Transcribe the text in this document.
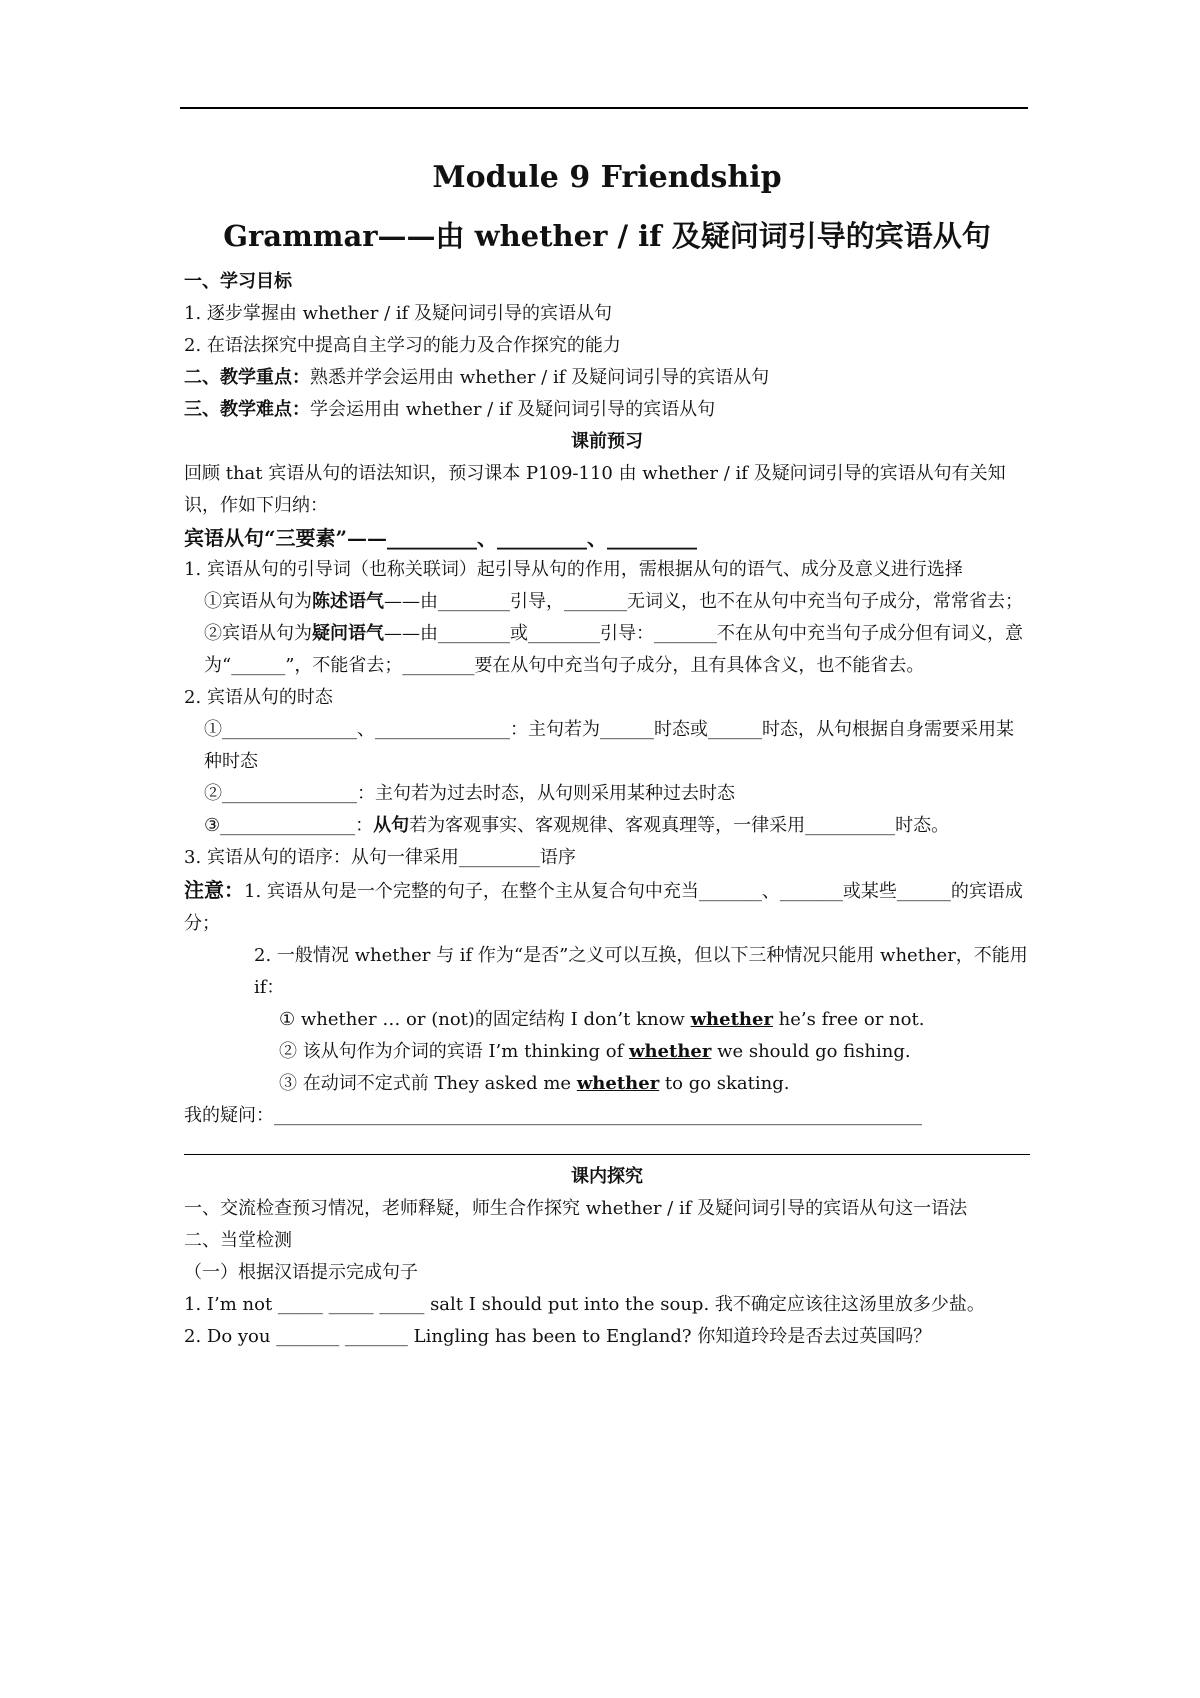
Module 9 Friendship
Grammar——由 whether / if 及疑问词引导的宾语从句

一、学习目标

1. 逐步掌握由 whether / if 及疑问词引导的宾语从句

2. 在语法探究中提高自主学习的能力及合作探究的能力

二、教学重点：熟悉并学会运用由 whether / if 及疑问词引导的宾语从句

三、教学难点：学会运用由 whether / if 及疑问词引导的宾语从句

课前预习

回顾 that 宾语从句的语法知识，预习课本 P109-110 由 whether / if 及疑问词引导的宾语从句有关知识，作如下归纳：

宾语从句“三要素”——_________、_________、_________

1. 宾语从句的引导词（也称关联词）起引导从句的作用，需根据从句的语气、成分及意义进行选择

①宾语从句为陈述语气——由________引导，_______无词义，也不在从句中充当句子成分，常常省去；

②宾语从句为疑问语气——由________或________引导：_______不在从句中充当句子成分但有词义，意为“______”，不能省去；________要在从句中充当句子成分，且有具体含义，也不能省去。

2. 宾语从句的时态

①_______________、_______________：主句若为______时态或______时态，从句根据自身需要采用某种时态

②_______________：主句若为过去时态，从句则采用某种过去时态

③_______________：从句若为客观事实、客观规律、客观真理等，一律采用__________时态。

3. 宾语从句的语序：从句一律采用_________语序

注意：1. 宾语从句是一个完整的句子，在整个主从复合句中充当_______、_______或某些______的宾语成分；

2. 一般情况 whether 与 if 作为“是否”之义可以互换，但以下三种情况只能用 whether，不能用 if：

① whether … or (not)的固定结构 I don’t know whether he’s free or not.

② 该从句作为介词的宾语 I’m thinking of whether we should go fishing.

③ 在动词不定式前 They asked me whether to go skating.

我的疑问：________________________________________________________________________

课内探究

一、交流检查预习情况，老师释疑，师生合作探究 whether / if 及疑问词引导的宾语从句这一语法

二、当堂检测

（一）根据汉语提示完成句子

1. I’m not _____ _____ _____ salt I should put into the soup. 我不确定应该往这汤里放多少盐。

2. Do you _______ _______ Lingling has been to England? 你知道玲玲是否去过英国吗？
